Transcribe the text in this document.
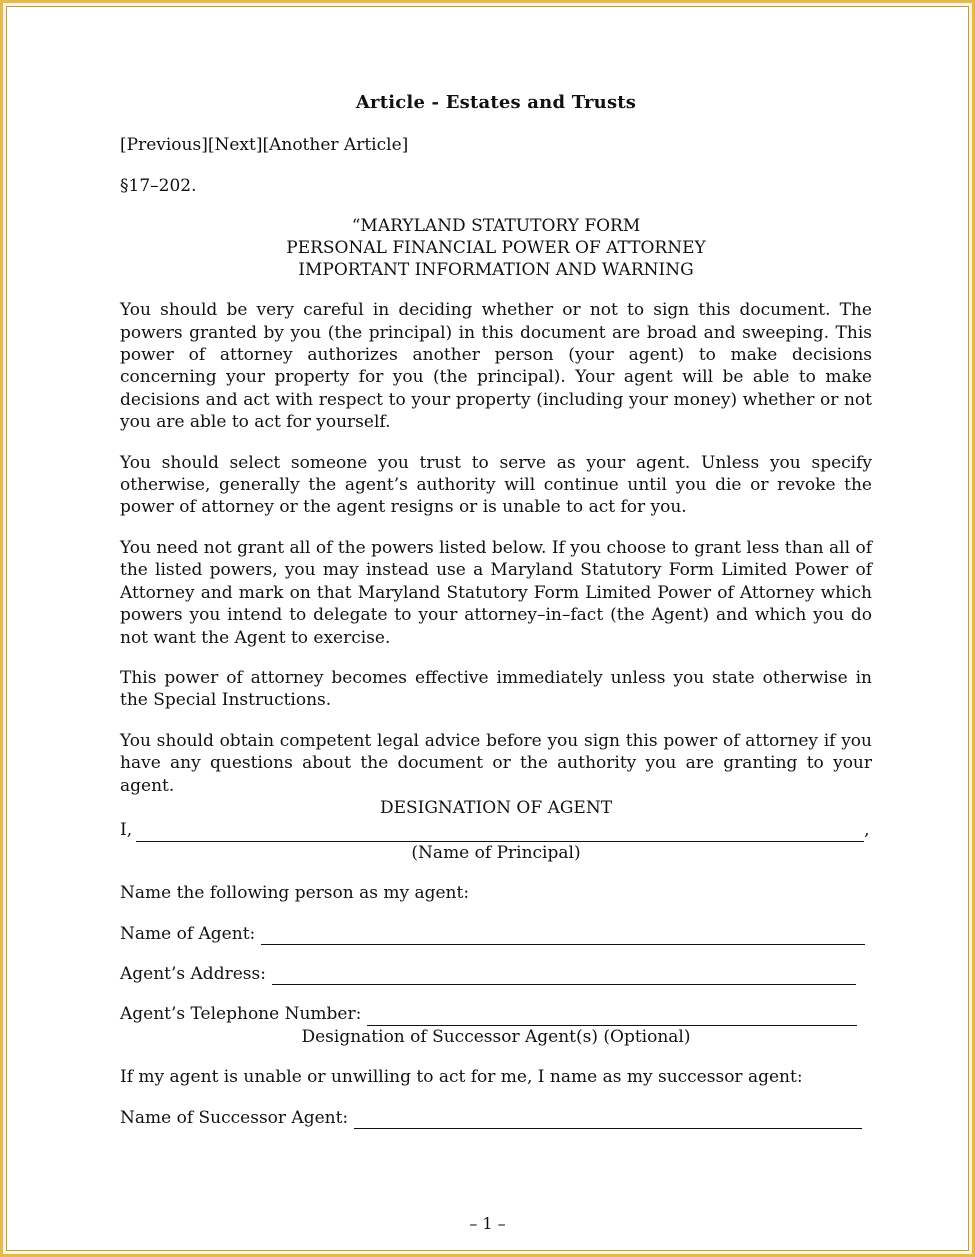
Article - Estates and Trusts
[Previous][Next][Another Article]
§17–202.
“MARYLAND STATUTORY FORM
PERSONAL FINANCIAL POWER OF ATTORNEY
IMPORTANT INFORMATION AND WARNING

You should be very careful in deciding whether or not to sign this document. The powers granted by you (the principal) in this document are broad and sweeping. This power of attorney authorizes another person (your agent) to make decisions concerning your property for you (the principal). Your agent will be able to make decisions and act with respect to your property (including your money) whether or not you are able to act for yourself.

You should select someone you trust to serve as your agent. Unless you specify otherwise, generally the agent’s authority will continue until you die or revoke the power of attorney or the agent resigns or is unable to act for you.

You need not grant all of the powers listed below. If you choose to grant less than all of the listed powers, you may instead use a Maryland Statutory Form Limited Power of Attorney and mark on that Maryland Statutory Form Limited Power of Attorney which powers you intend to delegate to your attorney–in–fact (the Agent) and which you do not want the Agent to exercise.

This power of attorney becomes effective immediately unless you state otherwise in the Special Instructions.

You should obtain competent legal advice before you sign this power of attorney if you have any questions about the document or the authority you are granting to your agent.

DESIGNATION OF AGENT
I,	,
(Name of Principal)
Name the following person as my agent:
Name of Agent:
Agent’s Address:
Agent’s Telephone Number:
Designation of Successor Agent(s) (Optional)
If my agent is unable or unwilling to act for me, I name as my successor agent:
Name of Successor Agent:
– 1 –
